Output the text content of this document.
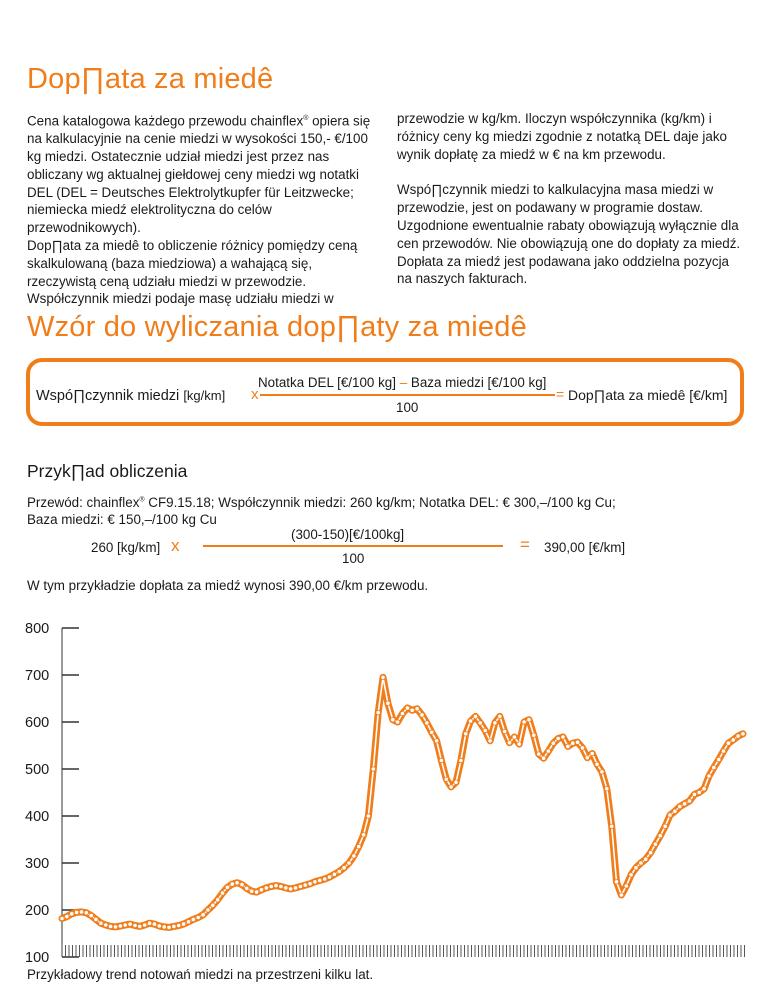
Dop∏ata za miedê

Cena katalogowa każdego przewodu chainflex® opiera się na kalkulacyjnie na cenie miedzi w wysokości 150,- €/100 kg miedzi. Ostatecznie udział miedzi jest przez nas obliczany wg aktualnej giełdowej ceny miedzi wg notatki DEL (DEL = Deutsches Elektrolytkupfer für Leitzwecke; niemiecka miedź elektrolityczna do celów przewodnikowych).

Dop∏ata za miedê to obliczenie różnicy pomiędzy ceną skalkulowaną (baza miedziowa) a wahającą się, rzeczywistą ceną udziału miedzi w przewodzie. Współczynnik miedzi podaje masę udziału miedzi w

przewodzie w kg/km. Iloczyn współczynnika (kg/km) i różnicy ceny kg miedzi zgodnie z notatką DEL daje jako wynik dopłatę za miedź w € na km przewodu.

Wspó∏czynnik miedzi to kalkulacyjna masa miedzi w przewodzie, jest on podawany w programie dostaw. Uzgodnione ewentualnie rabaty obowiązują wyłącznie dla cen przewodów. Nie obowiązują one do dopłaty za miedź. Dopłata za miedź jest podawana jako oddzielna pozycja na naszych fakturach.

Wzór do wyliczania dop∏aty za miedê
Wspó∏czynnik miedzi [kg/km] x
Notatka DEL [€/100 kg] – Baza miedzi [€/100 kg]
100
= Dop∏ata za miedê [€/km]
Przyk∏ad obliczenia
Przewód: chainflex® CF9.15.18; Współczynnik miedzi: 260 kg/km; Notatka DEL: € 300,–/100 kg Cu;
Baza miedzi: € 150,–/100 kg Cu
260 [kg/km] x
(300-150)[€/100kg]
100
= 390,00 [€/km]
W tym przykładzie dopłata za miedź wynosi 390,00 €/km przewodu.
800
700
600
500
400
300
200
100
Przykładowy trend notowań miedzi na przestrzeni kilku lat.
